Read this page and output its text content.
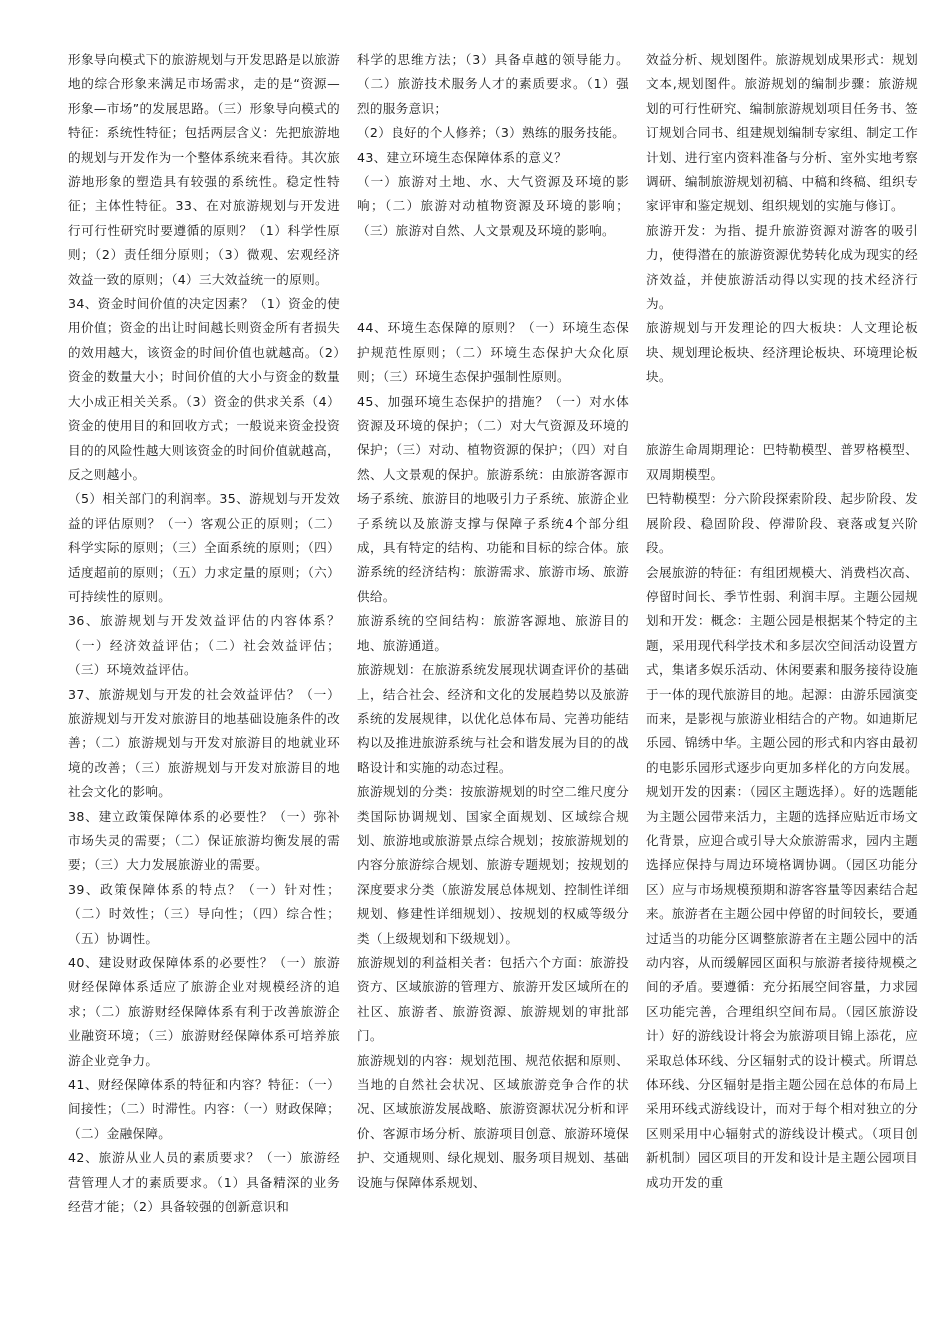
形象导向模式下的旅游规划与开发思路是以旅游地的综合形象来满足市场需求，走的是“资源—形象—市场”的发展思路。（三）形象导向模式的特征：系统性特征；包括两层含义：先把旅游地的规划与开发作为一个整体系统来看待。其次旅游地形象的塑造具有较强的系统性。稳定性特征；主体性特征。33、在对旅游规划与开发进行可行性研究时要遵循的原则？（1）科学性原则；（2）责任细分原则；（3）微观、宏观经济效益一致的原则；（4）三大效益统一的原则。

34、资金时间价值的决定因素？（1）资金的使用价值；资金的出让时间越长则资金所有者损失的效用越大，该资金的时间价值也就越高。（2）资金的数量大小；时间价值的大小与资金的数量大小成正相关关系。（3）资金的供求关系（4）资金的使用目的和回收方式；一般说来资金投资目的的风险性越大则该资金的时间价值就越高，反之则越小。

（5）相关部门的利润率。35、游规划与开发效益的评估原则？（一）客观公正的原则；（二）科学实际的原则；（三）全面系统的原则；（四）适度超前的原则；（五）力求定量的原则；（六）可持续性的原则。

36、旅游规划与开发效益评估的内容体系？（一）经济效益评估；（二）社会效益评估；（三）环境效益评估。

37、旅游规划与开发的社会效益评估？（一）旅游规划与开发对旅游目的地基础设施条件的改善；（二）旅游规划与开发对旅游目的地就业环境的改善；（三）旅游规划与开发对旅游目的地社会文化的影响。

38、建立政策保障体系的必要性？（一）弥补市场失灵的需要；（二）保证旅游均衡发展的需要；（三）大力发展旅游业的需要。

39、政策保障体系的特点？（一）针对性；（二）时效性；（三）导向性；（四）综合性；（五）协调性。

40、建设财政保障体系的必要性？（一）旅游财经保障体系适应了旅游企业对规模经济的追求；（二）旅游财经保障体系有利于改善旅游企业融资环境；（三）旅游财经保障体系可培养旅游企业竞争力。

41、财经保障体系的特征和内容？特征：（一）间接性；（二）时滞性。内容：（一）财政保障；（二）金融保障。

42、旅游从业人员的素质要求？（一）旅游经营管理人才的素质要求。（1）具备精深的业务经营才能；（2）具备较强的创新意识和

科学的思维方法；（3）具备卓越的领导能力。（二）旅游技术服务人才的素质要求。（1）强烈的服务意识；

（2）良好的个人修养；（3）熟练的服务技能。

43、建立环境生态保障体系的意义？

（一）旅游对土地、水、大气资源及环境的影响；（二）旅游对动植物资源及环境的影响；（三）旅游对自然、人文景观及环境的影响。

44、环境生态保障的原则？（一）环境生态保护规范性原则；（二）环境生态保护大众化原则；（三）环境生态保护强制性原则。

45、加强环境生态保护的措施？（一）对水体资源及环境的保护；（二）对大气资源及环境的保护；（三）对动、植物资源的保护；（四）对自然、人文景观的保护。旅游系统：由旅游客源市场子系统、旅游目的地吸引力子系统、旅游企业子系统以及旅游支撑与保障子系统4个部分组成，具有特定的结构、功能和目标的综合体。旅游系统的经济结构：旅游需求、旅游市场、旅游供给。

旅游系统的空间结构：旅游客源地、旅游目的地、旅游通道。

旅游规划：在旅游系统发展现状调查评价的基础上，结合社会、经济和文化的发展趋势以及旅游系统的发展规律，以优化总体布局、完善功能结构以及推进旅游系统与社会和谐发展为目的的战略设计和实施的动态过程。

旅游规划的分类：按旅游规划的时空二维尺度分类国际协调规划、国家全面规划、区域综合规划、旅游地或旅游景点综合规划；按旅游规划的内容分旅游综合规划、旅游专题规划；按规划的深度要求分类（旅游发展总体规划、控制性详细规划、修建性详细规划）、按规划的权威等级分类（上级规划和下级规划）。

旅游规划的利益相关者：包括六个方面：旅游投资方、区域旅游的管理方、旅游开发区域所在的社区、旅游者、旅游资源、旅游规划的审批部门。

旅游规划的内容：规划范围、规范依据和原则、当地的自然社会状况、区域旅游竞争合作的状况、区域旅游发展战略、旅游资源状况分析和评价、客源市场分析、旅游项目创意、旅游环境保护、交通规则、绿化规划、服务项目规划、基础设施与保障体系规划、

效益分析、规划图件。旅游规划成果形式：规划文本,规划图件。旅游规划的编制步骤：旅游规划的可行性研究、编制旅游规划项目任务书、签订规划合同书、组建规划编制专家组、制定工作计划、进行室内资料准备与分析、室外实地考察调研、编制旅游规划初稿、中稿和终稿、组织专家评审和鉴定规划、组织规划的实施与修订。

旅游开发：为指、提升旅游资源对游客的吸引力，使得潜在的旅游资源优势转化成为现实的经济效益，并使旅游活动得以实现的技术经济行为。

旅游规划与开发理论的四大板块：人文理论板块、规划理论板块、经济理论板块、环境理论板块。

旅游生命周期理论：巴特勒模型、普罗格模型、双周期模型。

巴特勒模型：分六阶段探索阶段、起步阶段、发展阶段、稳固阶段、停滞阶段、衰落或复兴阶段。

会展旅游的特征：有组团规模大、消费档次高、停留时间长、季节性弱、利润丰厚。主题公园规划和开发：概念：主题公园是根据某个特定的主题，采用现代科学技术和多层次空间活动设置方式，集诸多娱乐活动、休闲要素和服务接待设施于一体的现代旅游目的地。起源：由游乐园演变而来，是影视与旅游业相结合的产物。如迪斯尼乐园、锦绣中华。主题公园的形式和内容由最初的电影乐园形式逐步向更加多样化的方向发展。规划开发的因素：（园区主题选择）。好的选题能为主题公园带来活力，主题的选择应贴近市场文化背景，应迎合或引导大众旅游需求，园内主题选择应保持与周边环境格调协调。（园区功能分区）应与市场规模预期和游客容量等因素结合起来。旅游者在主题公园中停留的时间较长，要通过适当的功能分区调整旅游者在主题公园中的活动内容，从而缓解园区面积与旅游者接待规模之间的矛盾。要遵循：充分拓展空间容量，力求园区功能完善，合理组织空间布局。（园区旅游设计）好的游线设计将会为旅游项目锦上添花，应采取总体环线、分区辐射式的设计模式。所谓总体环线、分区辐射是指主题公园在总体的布局上采用环线式游线设计，而对于每个相对独立的分区则采用中心辐射式的游线设计模式。（项目创新机制）园区项目的开发和设计是主题公园项目成功开发的重
